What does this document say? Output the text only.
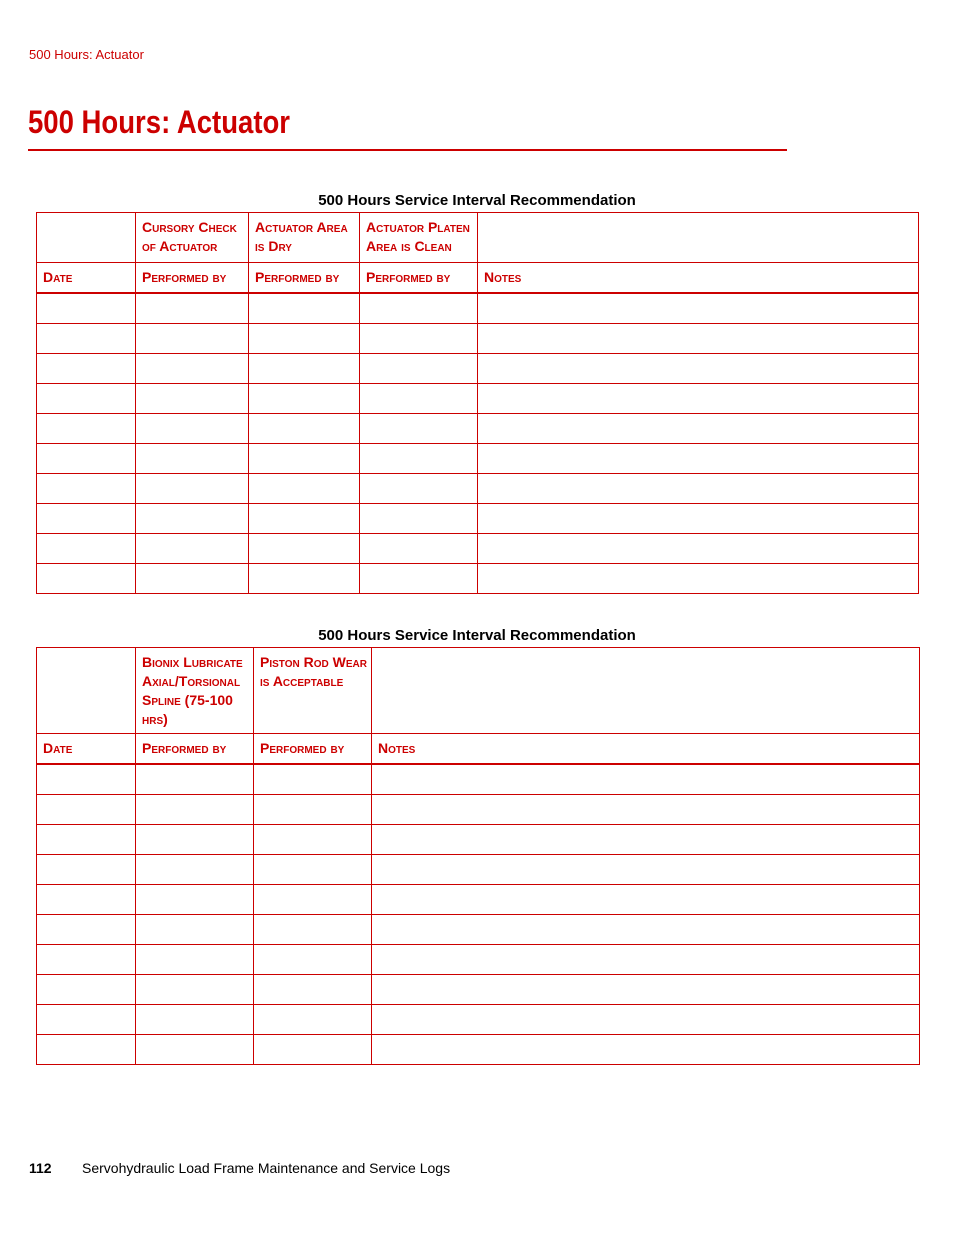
500 Hours: Actuator
500 Hours: Actuator
500 Hours Service Interval Recommendation

	Cursory Check of Actuator	Actuator Area is Dry	Actuator Platen Area is Clean	

Date	Performed by	Performed by	Performed by	Notes

500 Hours Service Interval Recommendation

	Bionix Lubricate Axial/Torsional Spline (75-100 hrs)	Piston Rod Wear is Acceptable	

Date	Performed by	Performed by	Notes

112 Servohydraulic Load Frame Maintenance and Service Logs
